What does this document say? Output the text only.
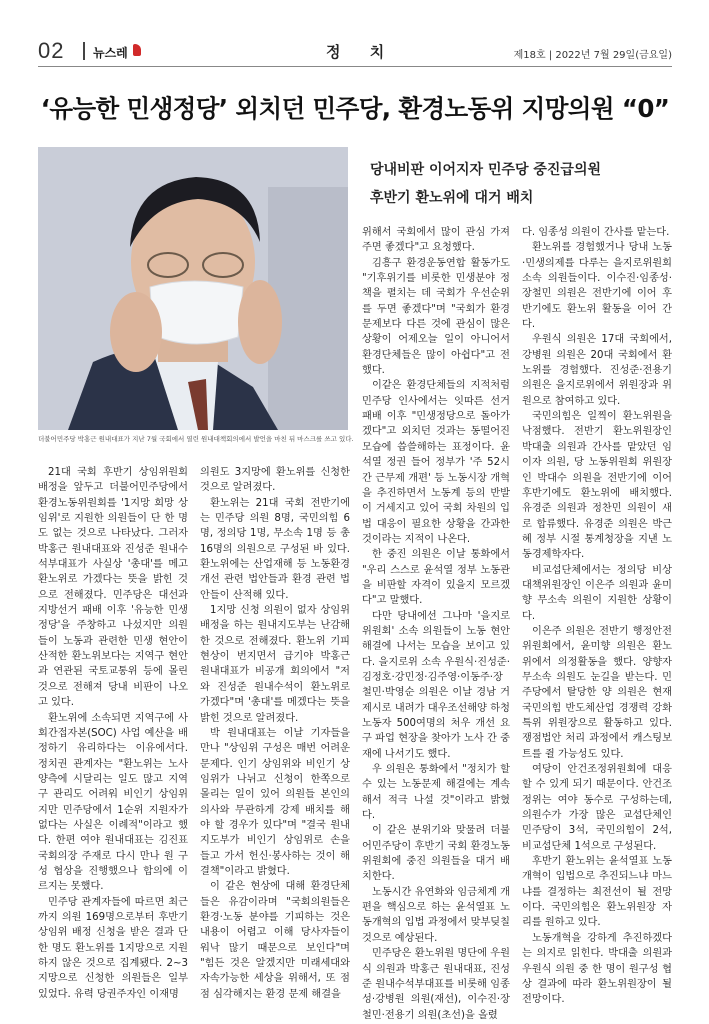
02 뉴스레	정 치	제18호 | 2022년 7월 29일(금요일)
‘유능한 민생정당’ 외치던 민주당, 환경노동위 지망의원 “0”
더불어민주당 박홍근 원내대표가 지난 7월 국회에서 열린 원내대책회의에서 발언을 마친 뒤 마스크를 쓰고 있다.
당내비판 이어지자 민주당 중진급의원
후반기 환노위에 대거 배치

21대 국회 후반기 상임위원회 배정을 앞두고 더불어민주당에서 환경노동위원회를 '1지망 희망 상임위'로 지원한 의원들이 단 한 명도 없는 것으로 나타났다. 그러자 박홍근 원내대표와 진성준 원내수석부대표가 사실상 '총대'를 메고 환노위로 가겠다는 뜻을 밝힌 것으로 전해졌다. 민주당은 대선과 지방선거 패배 이후 '유능한 민생정당'을 주창하고 나섰지만 의원들이 노동과 관련한 민생 현안이 산적한 환노위보다는 지역구 현안과 연관된 국토교통위 등에 몰린 것으로 전해져 당내 비판이 나오고 있다.

환노위에 소속되면 지역구에 사회간접자본(SOC) 사업 예산을 배정하기 유리하다는 이유에서다. 정치권 관계자는 "환노위는 노사 양측에 시달리는 일도 많고 지역구 관리도 어려워 비인기 상임위지만 민주당에서 1순위 지원자가 없다는 사실은 이례적"이라고 했다. 한편 여야 원내대표는 김진표 국회의장 주재로 다시 만나 원 구성 협상을 진행했으나 합의에 이르지는 못했다.

민주당 관계자들에 따르면 최근까지 의원 169명으로부터 후반기 상임위 배정 신청을 받은 결과 단 한 명도 환노위를 1지망으로 지원하지 않은 것으로 집계됐다. 2~3지망으로 신청한 의원들은 일부 있었다. 유력 당권주자인 이재명

의원도 3지망에 환노위를 신청한 것으로 알려졌다.

환노위는 21대 국회 전반기에는 민주당 의원 8명, 국민의힘 6명, 정의당 1명, 무소속 1명 등 총 16명의 의원으로 구성된 바 있다. 환노위에는 산업재해 등 노동환경 개선 관련 법안들과 환경 관련 법안들이 산적해 있다.

1지망 신청 의원이 없자 상임위 배정을 하는 원내지도부는 난감해한 것으로 전해졌다. 환노위 기피 현상이 번지면서 급기야 박홍근 원내대표가 비공개 회의에서 "저와 진성준 원내수석이 환노위로 가겠다"며 '총대'를 메겠다는 뜻을 밝힌 것으로 알려졌다.

박 원내대표는 이날 기자들을 만나 "상임위 구성은 매번 어려운 문제다. 인기 상임위와 비인기 상임위가 나뉘고 신청이 한쪽으로 몰리는 일이 있어 의원들 본인의 의사와 무관하게 강제 배치를 해야 할 경우가 있다"며 "결국 원내지도부가 비인기 상임위로 손을 들고 가서 헌신·봉사하는 것이 해결책"이라고 밝혔다.

이 같은 현상에 대해 환경단체들은 유감이라며 "국회의원들은 환경·노동 분야를 기피하는 것은 내용이 어렵고 이해 당사자들이 워낙 많기 때문으로 보인다"며 "힘든 것은 알겠지만 미래세대와 자속가능한 세상을 위해서, 또 점점 심각해지는 환경 문제 해결을

위해서 국회에서 많이 관심 가져 주면 좋겠다"고 요청했다.

김흥구 환경운동연합 활동가도 "기후위기를 비롯한 민생분야 정책을 펼치는 데 국회가 우선순위를 두면 좋겠다"며 "국회가 환경 문제보다 다른 것에 관심이 많은 상황이 어제오늘 일이 아니어서 환경단체들은 많이 아쉽다"고 전했다.

이같은 환경단체들의 지적처럼 민주당 인사에서는 잇따른 선거 패배 이후 "민생정당으로 돌아가겠다"고 외치던 것과는 동떨어진 모습에 씁쓸해하는 표정이다. 윤석열 정권 들어 정부가 '주 52시간 근무제 개편' 등 노동시장 개혁을 추진하면서 노동계 등의 반발이 거세지고 있어 국회 차원의 입법 대응이 필요한 상황을 간과한 것이라는 지적이 나온다.

한 중진 의원은 이날 통화에서 "우리 스스로 윤석열 정부 노동관을 비판할 자격이 있을지 모르겠다"고 말했다.

다만 당내에선 그나마 '을지로위원회' 소속 의원들이 노동 현안 해결에 나서는 모습을 보이고 있다. 을지로위 소속 우원식·진성준·김정호·강민정·김주영·이동주·장철민·박영순 의원은 이날 경남 거제시로 내려가 대우조선해양 하청노동자 500여명의 처우 개선 요구 파업 현장을 찾아가 노사 간 중재에 나서기도 했다.

우 의원은 통화에서 "정치가 할 수 있는 노동문제 해결에는 계속해서 적극 나설 것"이라고 밝혔다.

이 같은 분위기와 맞물려 더불어민주당이 후반기 국회 환경노동위원회에 중진 의원들을 대거 배치한다.

노동시간 유연화와 임금체계 개편을 핵심으로 하는 윤석열표 노동개혁의 입법 과정에서 맞부딪칠 것으로 예상된다.

민주당은 환노위원 명단에 우원식 의원과 박홍근 원내대표, 진성준 원내수석부대표를 비롯해 임종성·강병원 의원(재선), 이수진·장철민·전용기 의원(초선)을 올렸

다. 임종성 의원이 간사를 맡는다.

환노위를 경험했거나 당내 노동·민생의제를 다루는 을지로위원회 소속 의원들이다. 이수진·임종성·장철민 의원은 전반기에 이어 후반기에도 환노위 활동을 이어 간다.

우원식 의원은 17대 국회에서, 강병원 의원은 20대 국회에서 환노위를 경험했다. 진성준·전용기 의원은 을지로위에서 위원장과 위원으로 참여하고 있다.

국민의힘은 일찍이 환노위원을 낙점했다. 전반기 환노위원장인 박대출 의원과 간사를 맡았던 임이자 의원, 당 노동위원회 위원장인 박대수 의원을 전반기에 이어 후반기에도 환노위에 배치했다. 유경준 의원과 정찬민 의원이 새로 합류했다. 유경준 의원은 박근혜 정부 시절 통계청장을 지낸 노동경제학자다.

비교섭단체에서는 정의당 비상대책위원장인 이은주 의원과 윤미향 무소속 의원이 지원한 상황이다.

이은주 의원은 전반기 행정안전위원회에서, 윤미향 의원은 환노위에서 의정활동을 했다. 양향자 무소속 의원도 눈길을 받는다. 민주당에서 탈당한 양 의원은 현재 국민의힘 반도체산업 경쟁력 강화 특위 위원장으로 활동하고 있다. 쟁점법안 처리 과정에서 캐스팅보트를 쥘 가능성도 있다.

여당이 안건조정위원회에 대응할 수 있게 되기 때문이다. 안건조정위는 여야 동수로 구성하는데, 의원수가 가장 많은 교섭단체인 민주당이 3석, 국민의힘이 2석, 비교섭단체 1석으로 구성된다.

후반기 환노위는 윤석열표 노동개혁이 입법으로 추진되느냐 마느냐를 결정하는 최전선이 될 전망이다. 국민의힘은 환노위원장 자리를 원하고 있다.

노동개혁을 강하게 추진하겠다는 의지로 읽힌다. 박대출 의원과 우원식 의원 중 한 명이 원구성 협상 결과에 따라 환노위원장이 될 전망이다.
